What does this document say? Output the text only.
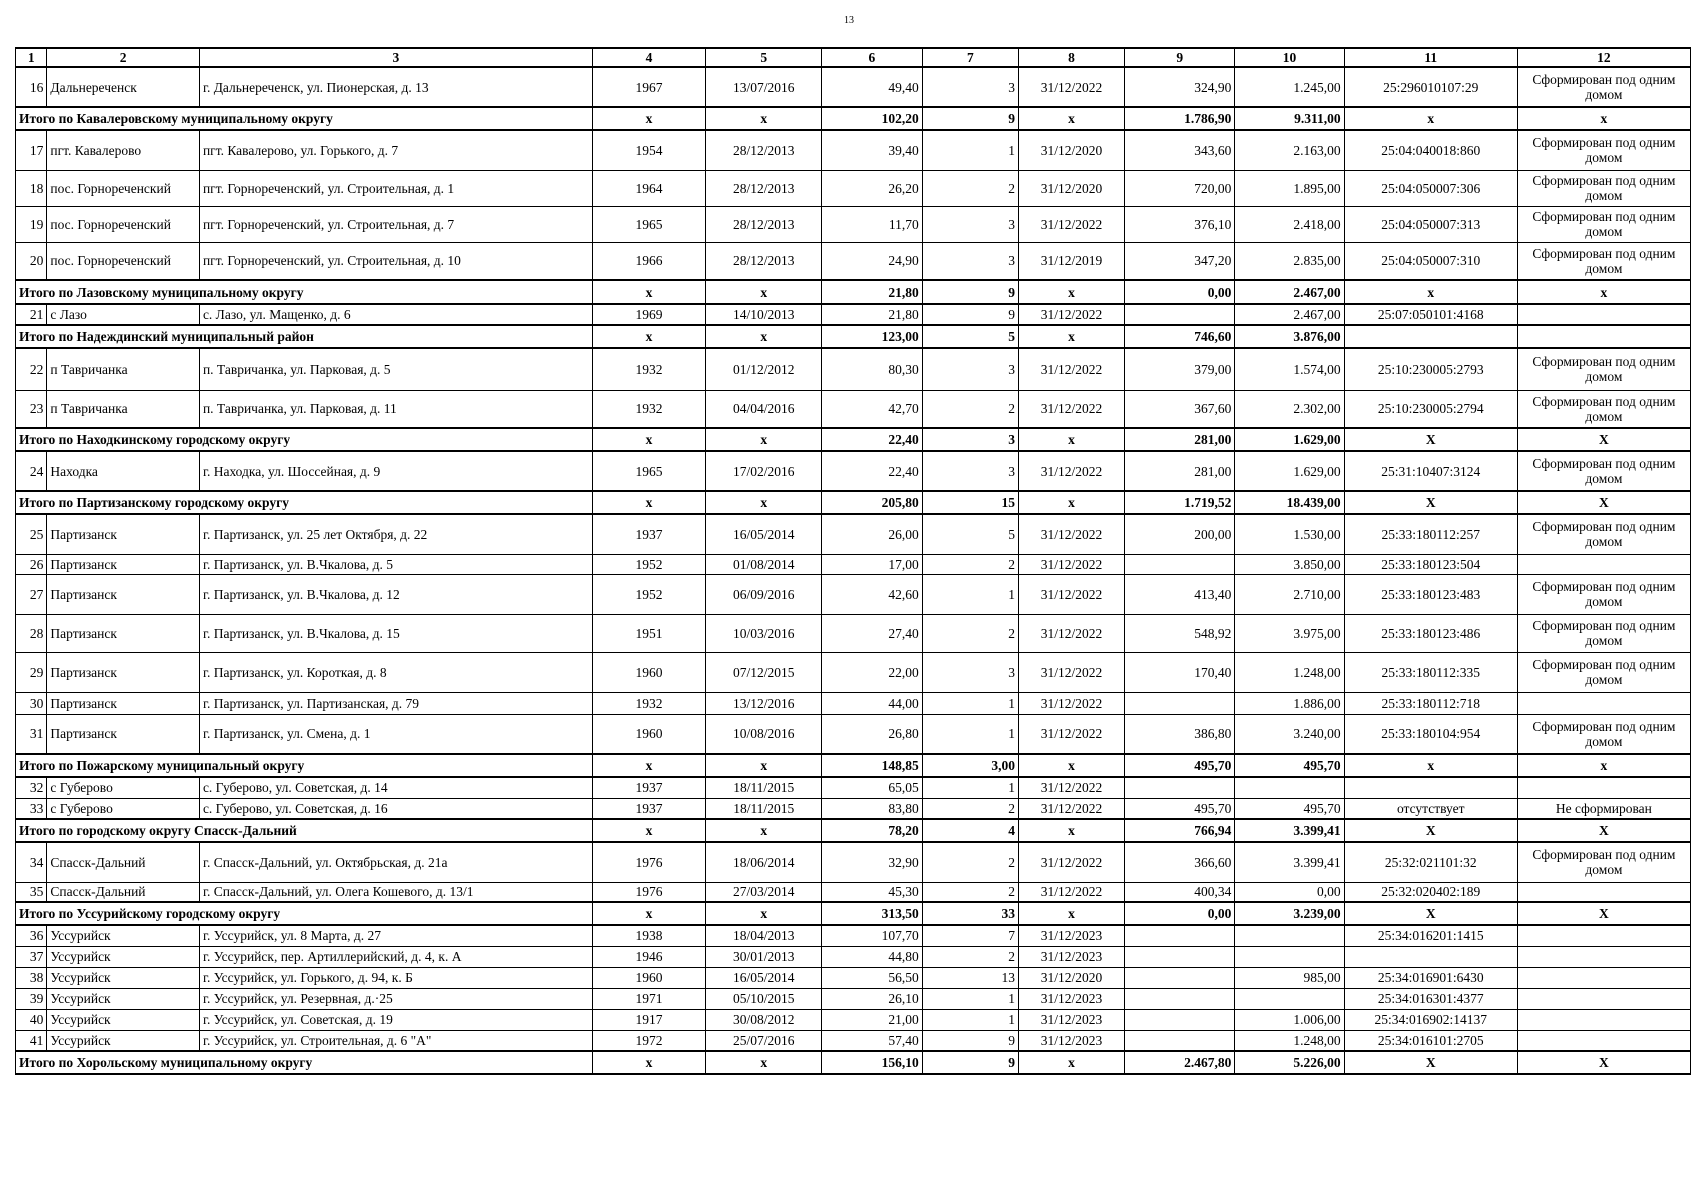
13
1	2	3	4	5	6	7	8	9	10	11	12
16	Дальнереченск	г. Дальнереченск, ул. Пионерская, д. 13	1967	13/07/2016	49,40	3	31/12/2022	324,90	1.245,00	25:296010107:29	Сформирован под одним домом
Итого по Кавалеровскому муниципальному округу			x	x	102,20	9	x	1.786,90	9.311,00	x	x
17	пгт. Кавалерово	пгт. Кавалерово, ул. Горького, д. 7	1954	28/12/2013	39,40	1	31/12/2020	343,60	2.163,00	25:04:040018:860	Сформирован под одним домом
18	пос. Горнореченский	пгт. Горнореченский, ул. Строительная, д. 1	1964	28/12/2013	26,20	2	31/12/2020	720,00	1.895,00	25:04:050007:306	Сформирован под одним домом
19	пос. Горнореченский	пгт. Горнореченский, ул. Строительная, д. 7	1965	28/12/2013	11,70	3	31/12/2022	376,10	2.418,00	25:04:050007:313	Сформирован под одним домом
20	пос. Горнореченский	пгт. Горнореченский, ул. Строительная, д. 10	1966	28/12/2013	24,90	3	31/12/2019	347,20	2.835,00	25:04:050007:310	Сформирован под одним домом
Итого по Лазовскому муниципальному округу			x	x	21,80	9	x	0,00	2.467,00	x	x
21	с Лазо	с. Лазо, ул. Мащенко, д. 6	1969	14/10/2013	21,80	9	31/12/2022		2.467,00	25:07:050101:4168	
Итого по Надеждинский муниципальный район			x	x	123,00	5	x	746,60	3.876,00		
22	п Тавричанка	п. Тавричанка, ул. Парковая, д. 5	1932	01/12/2012	80,30	3	31/12/2022	379,00	1.574,00	25:10:230005:2793	Сформирован под одним домом
23	п Тавричанка	п. Тавричанка, ул. Парковая, д. 11	1932	04/04/2016	42,70	2	31/12/2022	367,60	2.302,00	25:10:230005:2794	Сформирован под одним домом
Итого по Находкинскому городскому округу			x	x	22,40	3	x	281,00	1.629,00	X	X
24	Находка	г. Находка, ул. Шоссейная, д. 9	1965	17/02/2016	22,40	3	31/12/2022	281,00	1.629,00	25:31:10407:3124	Сформирован под одним домом
Итого по Партизанскому городскому округу			x	x	205,80	15	x	1.719,52	18.439,00	X	X
25	Партизанск	г. Партизанск, ул. 25 лет Октября, д. 22	1937	16/05/2014	26,00	5	31/12/2022	200,00	1.530,00	25:33:180112:257	Сформирован под одним домом
26	Партизанск	г. Партизанск, ул. В.Чкалова, д. 5	1952	01/08/2014	17,00	2	31/12/2022		3.850,00	25:33:180123:504	
27	Партизанск	г. Партизанск, ул. В.Чкалова, д. 12	1952	06/09/2016	42,60	1	31/12/2022	413,40	2.710,00	25:33:180123:483	Сформирован под одним домом
28	Партизанск	г. Партизанск, ул. В.Чкалова, д. 15	1951	10/03/2016	27,40	2	31/12/2022	548,92	3.975,00	25:33:180123:486	Сформирован под одним домом
29	Партизанск	г. Партизанск, ул. Короткая, д. 8	1960	07/12/2015	22,00	3	31/12/2022	170,40	1.248,00	25:33:180112:335	Сформирован под одним домом
30	Партизанск	г. Партизанск, ул. Партизанская, д. 79	1932	13/12/2016	44,00	1	31/12/2022		1.886,00	25:33:180112:718	
31	Партизанск	г. Партизанск, ул. Смена, д. 1	1960	10/08/2016	26,80	1	31/12/2022	386,80	3.240,00	25:33:180104:954	Сформирован под одним домом
Итого по Пожарскому муниципальный округу			x	x	148,85	3,00	x	495,70	495,70	x	x
32	с Губерово	с. Губерово, ул. Советская, д. 14	1937	18/11/2015	65,05	1	31/12/2022				
33	с Губерово	с. Губерово, ул. Советская, д. 16	1937	18/11/2015	83,80	2	31/12/2022	495,70	495,70	отсутствует	Не сформирован
Итого по городскому округу Спасск-Дальний			x	x	78,20	4	x	766,94	3.399,41	X	X
34	Спасск-Дальний	г. Спасск-Дальний, ул. Октябрьская, д. 21а	1976	18/06/2014	32,90	2	31/12/2022	366,60	3.399,41	25:32:021101:32	Сформирован под одним домом
35	Спасск-Дальний	г. Спасск-Дальний, ул. Олега Кошевого, д. 13/1	1976	27/03/2014	45,30	2	31/12/2022	400,34	0,00	25:32:020402:189	
Итого по Уссурийскому городскому округу			x	x	313,50	33	x	0,00	3.239,00	X	X
36	Уссурийск	г. Уссурийск, ул. 8 Марта, д. 27	1938	18/04/2013	107,70	7	31/12/2023			25:34:016201:1415	
37	Уссурийск	г. Уссурийск, пер. Артиллерийский, д. 4, к. А	1946	30/01/2013	44,80	2	31/12/2023				
38	Уссурийск	г. Уссурийск, ул. Горького, д. 94, к. Б	1960	16/05/2014	56,50	13	31/12/2020		985,00	25:34:016901:6430	
39	Уссурийск	г. Уссурийск, ул. Резервная, д.·25	1971	05/10/2015	26,10	1	31/12/2023			25:34:016301:4377	
40	Уссурийск	г. Уссурийск, ул. Советская, д. 19	1917	30/08/2012	21,00	1	31/12/2023		1.006,00	25:34:016902:14137	
41	Уссурийск	г. Уссурийск, ул. Строительная, д. 6 "А"	1972	25/07/2016	57,40	9	31/12/2023		1.248,00	25:34:016101:2705	
Итого по Хорольскому муниципальному округу			x	x	156,10	9	x	2.467,80	5.226,00	X	X
